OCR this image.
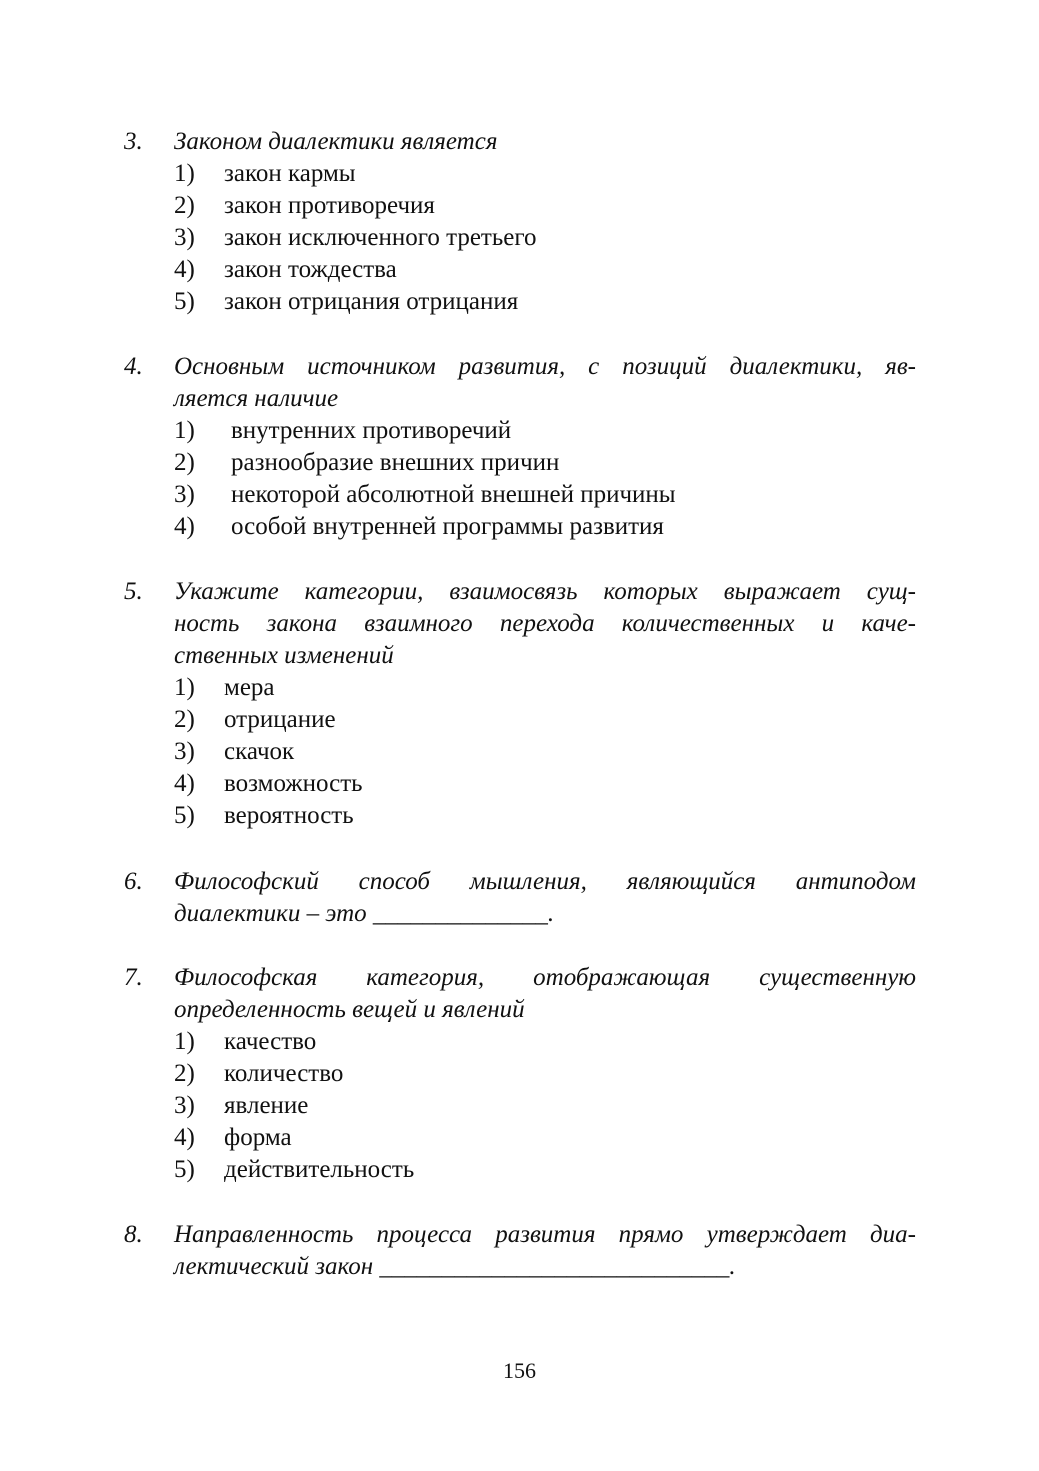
3. Законом диалектики является
1) закон кармы
2) закон противоречия
3) закон исключенного третьего
4) закон тождества
5) закон отрицания отрицания
4. Основным источником развития, с позиций диалектики, яв-
ляется наличие
1) внутренних противоречий
2) разнообразие внешних причин
3) некоторой абсолютной внешней причины
4) особой внутренней программы развития
5. Укажите категории, взаимосвязь которых выражает сущ-
ность закона взаимного перехода количественных и каче-
ственных изменений
1) мера
2) отрицание
3) скачок
4) возможность
5) вероятность
6. Философский способ мышления, являющийся антиподом
диалектики – это ______________.
7. Философская категория, отображающая существенную
определенность вещей и явлений
1) качество
2) количество
3) явление
4) форма
5) действительность
8. Направленность процесса развития прямо утверждает диа-
лектический закон ____________________________.
156
